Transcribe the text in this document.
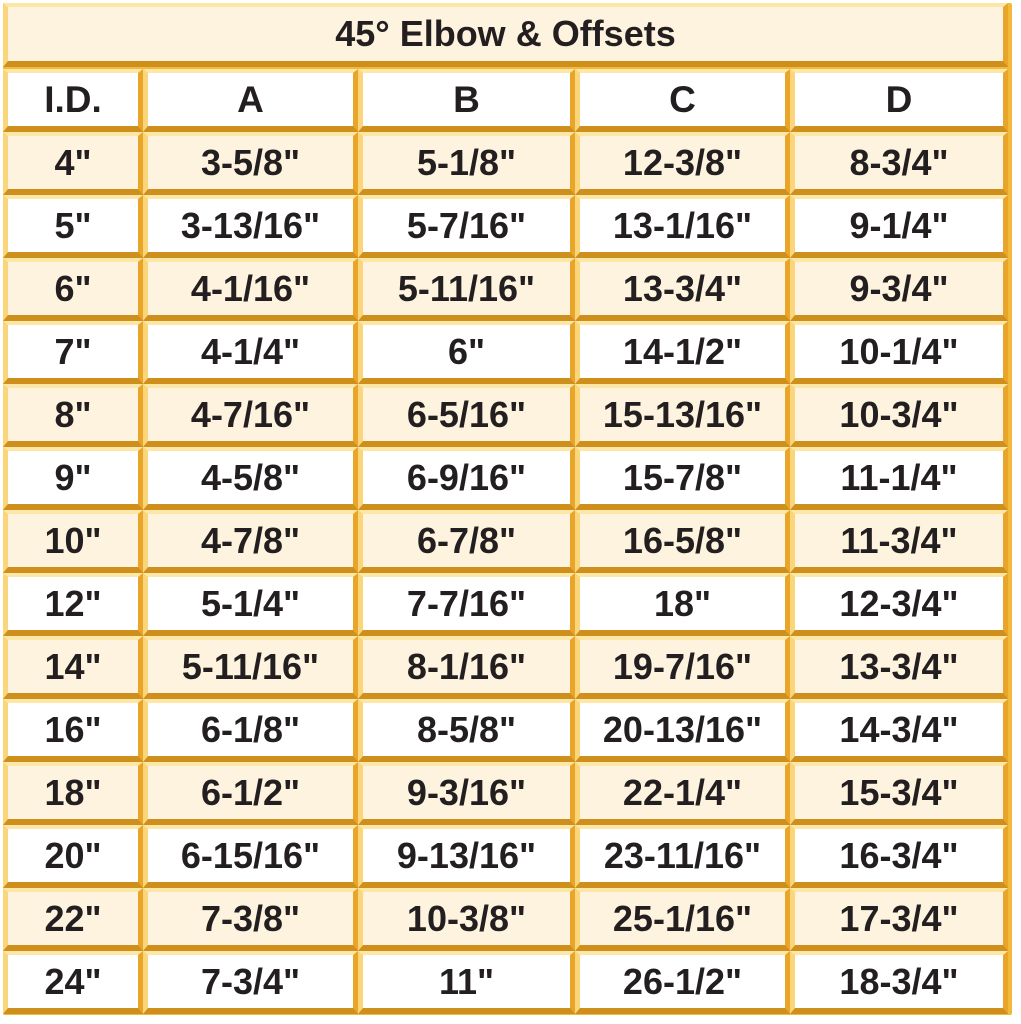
45° Elbow & Offsets
I.D.	A	B	C	D
4"	3-5/8"	5-1/8"	12-3/8"	8-3/4"
5"	3-13/16"	5-7/16"	13-1/16"	9-1/4"
6"	4-1/16"	5-11/16"	13-3/4"	9-3/4"
7"	4-1/4"	6"	14-1/2"	10-1/4"
8"	4-7/16"	6-5/16"	15-13/16"	10-3/4"
9"	4-5/8"	6-9/16"	15-7/8"	11-1/4"
10"	4-7/8"	6-7/8"	16-5/8"	11-3/4"
12"	5-1/4"	7-7/16"	18"	12-3/4"
14"	5-11/16"	8-1/16"	19-7/16"	13-3/4"
16"	6-1/8"	8-5/8"	20-13/16"	14-3/4"
18"	6-1/2"	9-3/16"	22-1/4"	15-3/4"
20"	6-15/16"	9-13/16"	23-11/16"	16-3/4"
22"	7-3/8"	10-3/8"	25-1/16"	17-3/4"
24"	7-3/4"	11"	26-1/2"	18-3/4"
